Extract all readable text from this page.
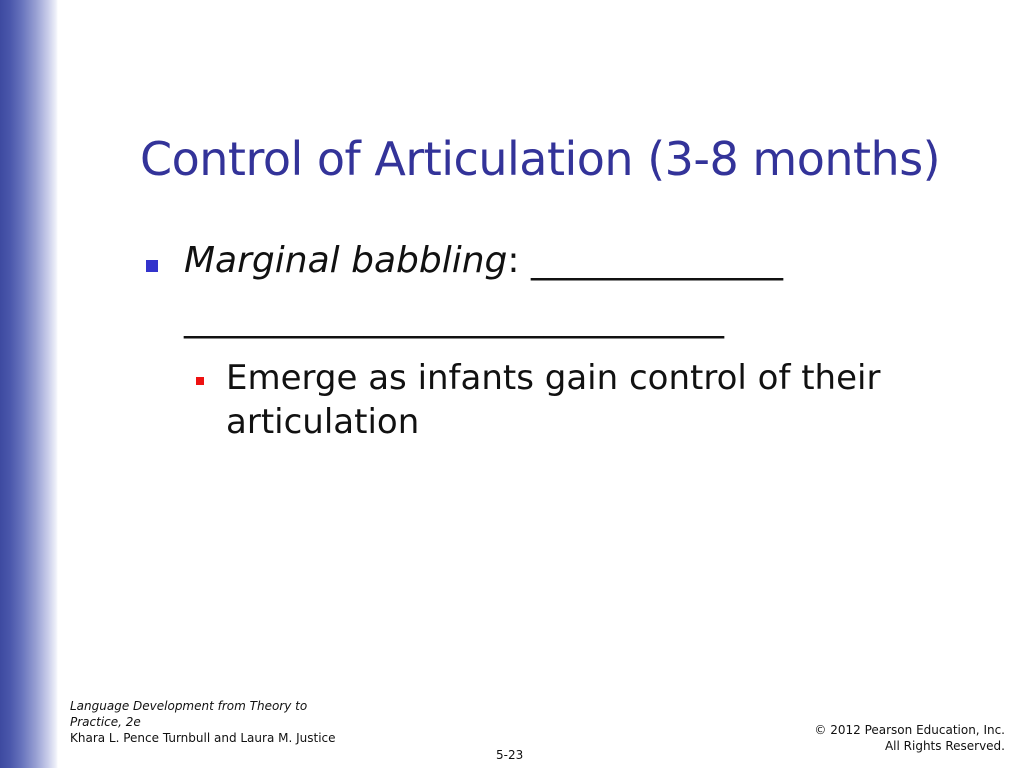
Control of Articulation (3-8 months)
Marginal babbling: ______________
______________________________
Emerge as infants gain control of their articulation
Language Development from Theory to Practice, 2e
Khara L. Pence Turnbull and Laura M. Justice
© 2012 Pearson Education, Inc.
All Rights Reserved.
5-23
